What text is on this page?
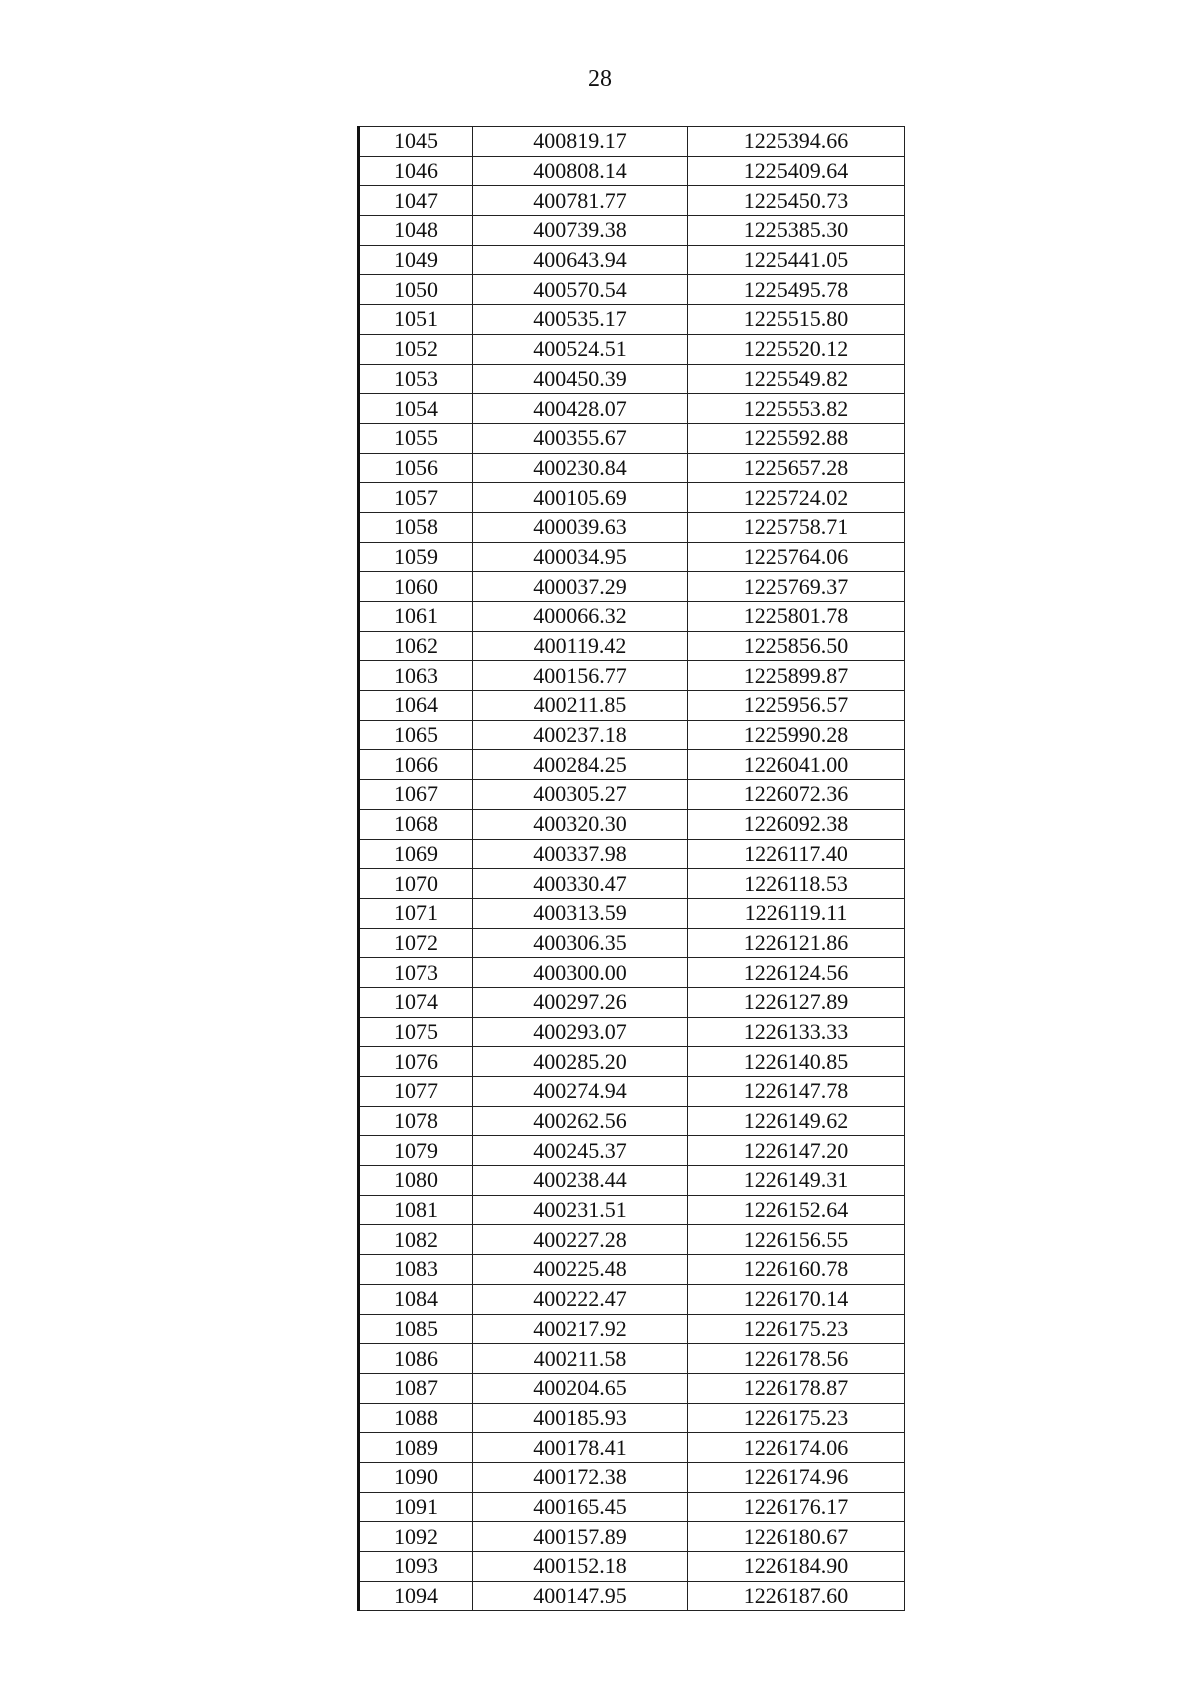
28
1045	400819.17	1225394.66
1046	400808.14	1225409.64
1047	400781.77	1225450.73
1048	400739.38	1225385.30
1049	400643.94	1225441.05
1050	400570.54	1225495.78
1051	400535.17	1225515.80
1052	400524.51	1225520.12
1053	400450.39	1225549.82
1054	400428.07	1225553.82
1055	400355.67	1225592.88
1056	400230.84	1225657.28
1057	400105.69	1225724.02
1058	400039.63	1225758.71
1059	400034.95	1225764.06
1060	400037.29	1225769.37
1061	400066.32	1225801.78
1062	400119.42	1225856.50
1063	400156.77	1225899.87
1064	400211.85	1225956.57
1065	400237.18	1225990.28
1066	400284.25	1226041.00
1067	400305.27	1226072.36
1068	400320.30	1226092.38
1069	400337.98	1226117.40
1070	400330.47	1226118.53
1071	400313.59	1226119.11
1072	400306.35	1226121.86
1073	400300.00	1226124.56
1074	400297.26	1226127.89
1075	400293.07	1226133.33
1076	400285.20	1226140.85
1077	400274.94	1226147.78
1078	400262.56	1226149.62
1079	400245.37	1226147.20
1080	400238.44	1226149.31
1081	400231.51	1226152.64
1082	400227.28	1226156.55
1083	400225.48	1226160.78
1084	400222.47	1226170.14
1085	400217.92	1226175.23
1086	400211.58	1226178.56
1087	400204.65	1226178.87
1088	400185.93	1226175.23
1089	400178.41	1226174.06
1090	400172.38	1226174.96
1091	400165.45	1226176.17
1092	400157.89	1226180.67
1093	400152.18	1226184.90
1094	400147.95	1226187.60
